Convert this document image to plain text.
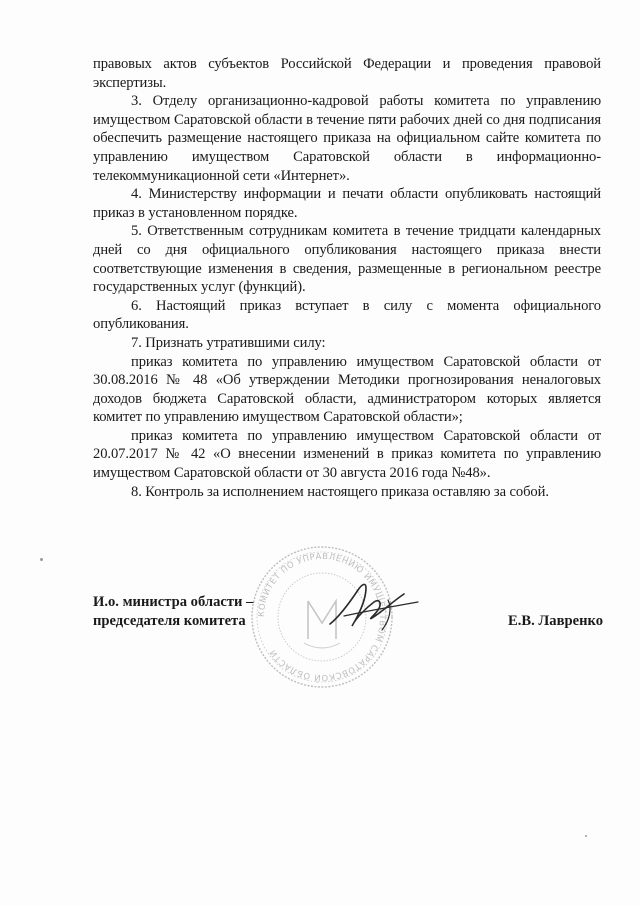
правовых актов субъектов Российской Федерации и проведения правовой экспертизы.

3. Отделу организационно-кадровой работы комитета по управлению имуществом Саратовской области в течение пяти рабочих дней со дня подписания обеспечить размещение настоящего приказа на официальном сайте комитета по управлению имуществом Саратовской области в информационно-телекоммуникационной сети «Интернет».

4. Министерству информации и печати области опубликовать настоящий приказ в установленном порядке.

5. Ответственным сотрудникам комитета в течение тридцати календарных дней со дня официального опубликования настоящего приказа внести соответствующие изменения в сведения, размещенные в региональном реестре государственных услуг (функций).

6. Настоящий приказ вступает в силу с момента официального опубликования.

7. Признать утратившими силу:

приказ комитета по управлению имуществом Саратовской области от 30.08.2016 № 48 «Об утверждении Методики прогнозирования неналоговых доходов бюджета Саратовской области, администратором которых является комитет по управлению имуществом Саратовской области»;

приказ комитета по управлению имуществом Саратовской области от 20.07.2017 № 42 «О внесении изменений в приказ комитета по управлению имуществом Саратовской области от 30 августа 2016 года №48».

8. Контроль за исполнением настоящего приказа оставляю за собой.

КОМИТЕТ ПО УПРАВЛЕНИЮ ИМУЩЕСТВОМ САРАТОВСКОЙ ОБЛАСТИ
И.о. министра области –
председателя комитета	Е.В. Лавренко
